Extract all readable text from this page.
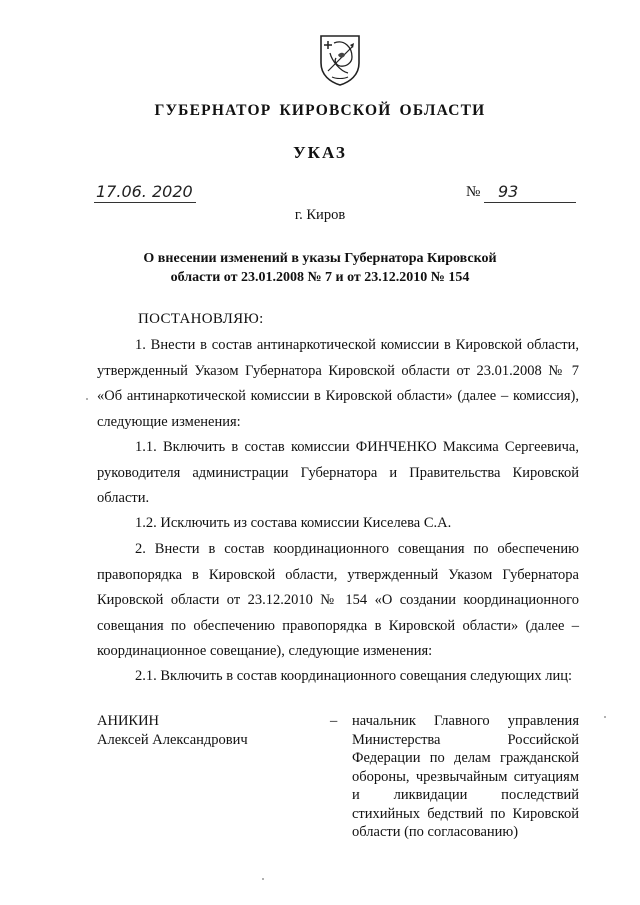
ГУБЕРНАТОР КИРОВСКОЙ ОБЛАСТИ
УКАЗ
17.06. 2020	№	93
г. Киров
О внесении изменений в указы Губернатора Кировской
области от 23.01.2008 № 7 и от 23.12.2010 № 154
ПОСТАНОВЛЯЮ:

1. Внести в состав антинаркотической комиссии в Кировской области, утвержденный Указом Губернатора Кировской области от 23.01.2008 № 7 «Об антинаркотической комиссии в Кировской области» (далее – комиссия), следующие изменения:

1.1. Включить в состав комиссии ФИНЧЕНКО Максима Сергеевича, руководителя администрации Губернатора и Правительства Кировской области.

1.2. Исключить из состава комиссии Киселева С.А.

2. Внести в состав координационного совещания по обеспечению правопорядка в Кировской области, утвержденный Указом Губернатора Кировской области от 23.12.2010 № 154 «О создании координационного совещания по обеспечению правопорядка в Кировской области» (далее – координационное совещание), следующие изменения:

2.1. Включить в состав координационного совещания следующих лиц:

АНИКИН
Алексей Александрович
– начальник Главного управления Министерства Российской Федерации по делам гражданской обороны, чрезвычайным ситуациям и ликвидации последствий стихийных бедствий по Кировской области (по согласованию)
